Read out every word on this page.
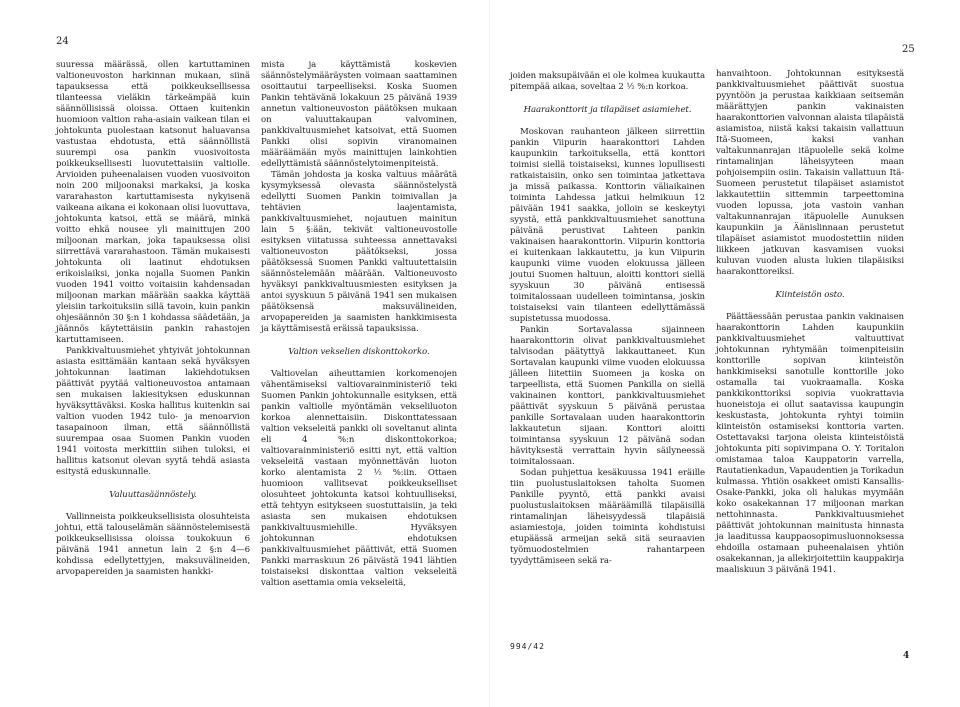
24
25

suuressa määrässä, ollen kartuttaminen valtioneuvoston harkinnan mukaan, siinä tapauksessa että poikkeuksellisessa tilanteessa vieläkin tärkeämpää kuin säännöllisissä oloissa. Ottaen kuitenkin huomioon valtion raha-asiain vaikean tilan ei johtokunta puolestaan katsonut haluavansa vastustaa ehdotusta, että säännöllistä suurempi osa pankin vuosivoitosta poikkeuksellisesti luovutettaisiin valtiolle. Arvioiden puheenalaisen vuoden vuosivoiton noin 200 miljoonaksi markaksi, ja koska vararahaston kartuttamisesta nykyisenä vaikeana aikana ei kokonaan olisi luovuttava, johtokunta katsoi, että se määrä, minkä voitto ehkä nousee yli mainittujen 200 miljoonan markan, joka tapauksessa olisi siirrettävä vararahastoon. Tämän mukaisesti johtokunta oli laatinut ehdotuksen erikoislaiksi, jonka nojalla Suomen Pankin vuoden 1941 voitto voitaisiin kahdensadan miljoonan markan määrään saakka käyttää yleisiin tarkoituksiin sillä tavoin, kuin pankin ohjesäännön 30 §:n 1 kohdassa säädetään, ja jäännös käytettäisiin pankin rahastojen kartuttamiseen.

Pankkivaltuusmiehet yhtyivät johtokunnan asiasta esittämään kantaan sekä hyväksyen johtokunnan laatiman lakiehdotuksen päättivät pyytää valtioneuvostoa antamaan sen mukaisen lakiesityksen eduskunnan hyväksyttäväksi. Koska hallitus kuitenkin sai valtion vuoden 1942 tulo- ja menoarvion tasapainoon ilman, että säännöllistä suurempaa osaa Suomen Pankin vuoden 1941 voitosta merkittiin siihen tuloksi, ei hallitus katsonut olevan syytä tehdä asiasta esitystä eduskunnalle.

Valuuttasäännöstely.

Vallinneista poikkeuksellisista olosuhteista johtui, että talouselämän säännöstelemisestä poikkeuksellisissa oloissa toukokuun 6 päivänä 1941 annetun lain 2 §:n 4—6 kohdissa edellytettyjen, maksuvälineiden, arvopapereiden ja saamisten hankki-

mista ja käyttämistä koskevien säännöstelymääräysten voimaan saattaminen osoittautui tarpeelliseksi. Koska Suomen Pankin tehtävänä lokakuun 25 päivänä 1939 annetun valtioneuvoston päätöksen mukaan on valuuttakaupan valvominen, pankkivaltuusmiehet katsoivat, että Suomen Pankki olisi sopivin viranomainen määräämään myös mainittujen lainkohtien edellyttämistä säännöstelytoimenpiteistä.

Tämän johdosta ja koska valtuus määrätä kysymyksessä olevasta säännöstelystä edellytti Suomen Pankin toimivallan ja tehtävien laajentamista, pankkivaltuusmiehet, nojautuen mainitun lain 5 §:ään, tekivät valtioneuvostolle esityksen viitatussa suhteessa annettavaksi valtioneuvoston päätökseksi, jossa päätöksessä Suomen Pankki valtuutettaisiin säännöstelemään määrään. Valtioneuvosto hyväksyi pankkivaltuusmiesten esityksen ja antoi syyskuun 5 päivänä 1941 sen mukaisen päätöksensä maksuvälineiden, arvopapereiden ja saamisten hankkimisesta ja käyttämisestä eräissä tapauksissa.

Valtion vekselien diskonttokorko.

Valtiovelan aiheuttamien korkomenojen vähentämiseksi valtiovarainministeriö teki Suomen Pankin johtokunnalle esityksen, että pankin valtiolle myöntämän vekseliluoton korkoa alennettaisiin. Diskonttatessaan valtion vekseleitä pankki oli soveltanut alinta eli 4 %:n diskonttokorkoa; valtiovarainministeriö esitti nyt, että valtion vekseleitä vastaan myönnettävän luoton korko alentamista 2 ½ %:iin. Ottaen huomioon vallitsevat poikkeukselliset olosuhteet johtokunta katsoi kohtuulliseksi, että tehtyyn esitykseen suostuttaisiin, ja teki asiasta sen mukaisen ehdotuksen pankkivaltuusmiehille. Hyväksyen johtokunnan ehdotuksen pankkivaltuusmiehet päättivät, että Suomen Pankki marraskuun 26 päivästä 1941 lähtien toistaiseksi diskonttaa valtion vekseleitä valtion asettamia omia vekseleitä,

joiden maksupäivään ei ole kolmea kuukautta pitempää aikaa, soveltaa 2 ½ %:n korkoa.

Haarakonttorit ja tilapäiset asiamiehet.

Moskovan rauhanteon jälkeen siirrettiin pankin Viipurin haarakonttori Lahden kaupunkiin tarkoituksella, että konttori toimisi siellä toistaiseksi, kunnes lopullisesti ratkaistaisiin, onko sen toimintaa jatkettava ja missä paikassa. Konttorin väliaikainen toiminta Lahdessa jatkui helmikuun 12 päivään 1941 saakka, jolloin se keskeytyi syystä, että pankkivaltuusmiehet sanottuna päivänä perustivat Lahteen pankin vakinaisen haarakonttorin. Viipurin konttoria ei kuitenkaan lakkautettu, ja kun Viipurin kaupunki viime vuoden elokuussa jälleen joutui Suomen haltuun, aloitti konttori siellä syyskuun 30 päivänä entisessä toimitalossaan uudelleen toimintansa, joskin toistaiseksi vain tilanteen edellyttämässä supistetussa muodossa.

Pankin Sortavalassa sijainneen haarakonttorin olivat pankkivaltuusmiehet talvisodan päätyttyä lakkauttaneet. Kun Sortavalan kaupunki viime vuoden elokuussa jälleen liitettiin Suomeen ja koska on tarpeellista, että Suomen Pankilla on siellä vakinainen konttori, pankkivaltuusmiehet päättivät syyskuun 5 päivänä perustaa pankille Sortavalaan uuden haarakonttorin lakkautetun sijaan. Konttori aloitti toimintansa syyskuun 12 päivänä sodan hävityksestä verrattain hyvin säilyneessä toimitalossaan.

Sodan puhjettua kesäkuussa 1941 eräille tiin puolustuslaitoksen taholta Suomen Pankille pyyntö, että pankki avaisi puolustuslaitoksen määräämillä tilapäisillä rintamalinjan läheisyydessä tilapäisiä asiamiestoja, joiden toiminta kohdistuisi etupäässä armeijan sekä sitä seuraavien työmuodostelmien rahantarpeen tyydyttämiseen sekä ra-

hanvaihtoon. Johtokunnan esityksestä pankkivaltuusmiehet päättivät suostua pyyntöön ja perustaa kaikkiaan seitsemän määrättyjen pankin vakinaisten haarakonttorien valvonnan alaista tilapäistä asiamistoa, niistä kaksi takaisin vallattuun Itä-Suomeen, kaksi vanhan valtakunnanrajan itäpuolelle sekä kolme rintamalinjan läheisyyteen maan pohjoisempiin osiin. Takaisin vallattuun Itä-Suomeen perustetut tilapäiset asiamistot lakkautettiin sittemmin tarpeettomina vuoden lopussa, jota vastoin vanhan valtakunnanrajan itäpuolelle Aunuksen kaupunkiin ja Äänislinnaan perustetut tilapäiset asiamistot muodostettiin niiden liikkeen jatkuvan kasvamisen vuoksi kuluvan vuoden alusta lukien tilapäisiksi haarakonttoreiksi.

Kiinteistön osto.

Päättäessään perustaa pankin vakinaisen haarakonttorin Lahden kaupunkiin pankkivaltuusmiehet valtuuttivat johtokunnan ryhtymään toimenpiteisiin konttorille sopivan kiinteistön hankkimiseksi sanotulle konttorille joko ostamalla tai vuokraamalla. Koska pankkikonttoriksi sopivia vuokrattavia huoneistoja ei ollut saatavissa kaupungin keskustasta, johtokunta ryhtyi toimiin kiinteistön ostamiseksi konttoria varten. Ostettavaksi tarjona oleista kiinteistöistä johtokunta piti sopivimpana O. Y. Toritalon omistamaa taloa Kauppatorin varrella, Rautatienkadun, Vapaudentien ja Torikadun kulmassa. Yhtiön osakkeet omisti Kansallis-Osake-Pankki, joka oli halukas myymään koko osakekannan 17 miljoonan markan nettohinnasta. Pankkivaltuusmiehet päättivät johtokunnan mainitusta hinnasta ja laaditussa kauppaosopimusluonnoksessa ehdoilla ostamaan puheenalaisen yhtiön osakekannan, ja allekirjoitettiin kauppakirja maaliskuun 3 päivänä 1941.

994/42
4
